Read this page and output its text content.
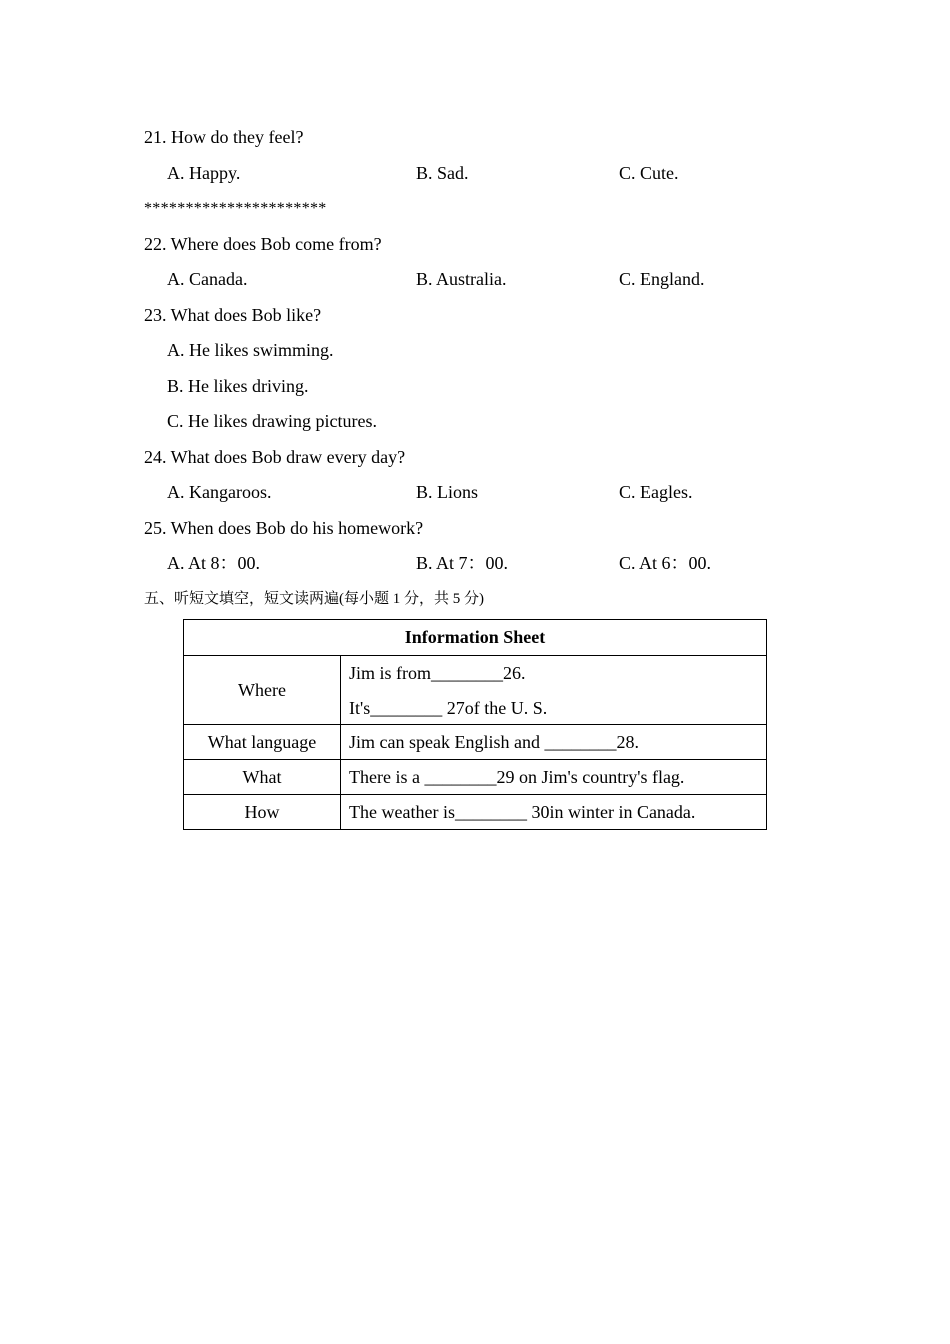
21. How do they feel?
A. Happy.	B. Sad.	C. Cute.
**********************
22. Where does Bob come from?
A. Canada.	B. Australia.	C. England.
23. What does Bob like?
A. He likes swimming.
B. He likes driving.
C. He likes drawing pictures.
24. What does Bob draw every day?
A. Kangaroos.	B. Lions	C. Eagles.
25. When does Bob do his homework?
A. At 8：00.	B. At 7：00.	C. At 6：00.
五、听短文填空，短文读两遍(每小题 1 分，共 5 分)
Information Sheet	
Where	Jim is from________26.
It's________ 27of the U. S.

What language	Jim can speak English and ________28.
What	There is a ________29 on Jim's country's flag.
How	The weather is________ 30in winter in Canada.
